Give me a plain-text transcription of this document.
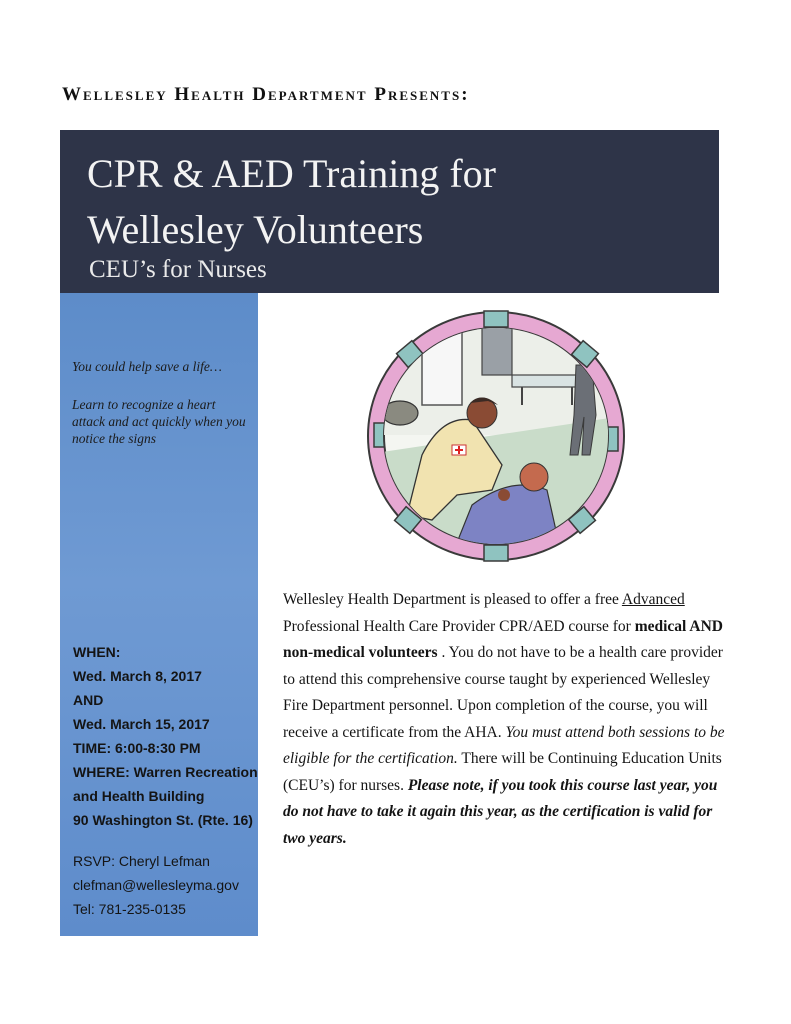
Wellesley Health Department Presents:
CPR & AED Training for
Wellesley Volunteers
CEU’s for Nurses
You could help save a life…
Learn to recognize a heart attack and act quickly when you notice the signs
WHEN:
Wed. March 8, 2017
AND
Wed. March 15, 2017
TIME: 6:00-8:30 PM
WHERE: Warren Recreation
and Health Building
90 Washington St. (Rte. 16)
RSVP: Cheryl Lefman
clefman@wellesleyma.gov
Tel: 781-235-0135
Wellesley Health Department is pleased to offer a free Advanced Professional Health Care Provider CPR/AED course for medical AND non-medical volunteers . You do not have to be a health care provider to attend this comprehensive course taught by experienced Wellesley Fire Department personnel. Upon completion of the course, you will receive a certificate from the AHA. You must attend both sessions to be eligible for the certification. There will be Continuing Education Units (CEU’s) for nurses. Please note, if you took this course last year, you do not have to take it again this year, as the certification is valid for two years.
